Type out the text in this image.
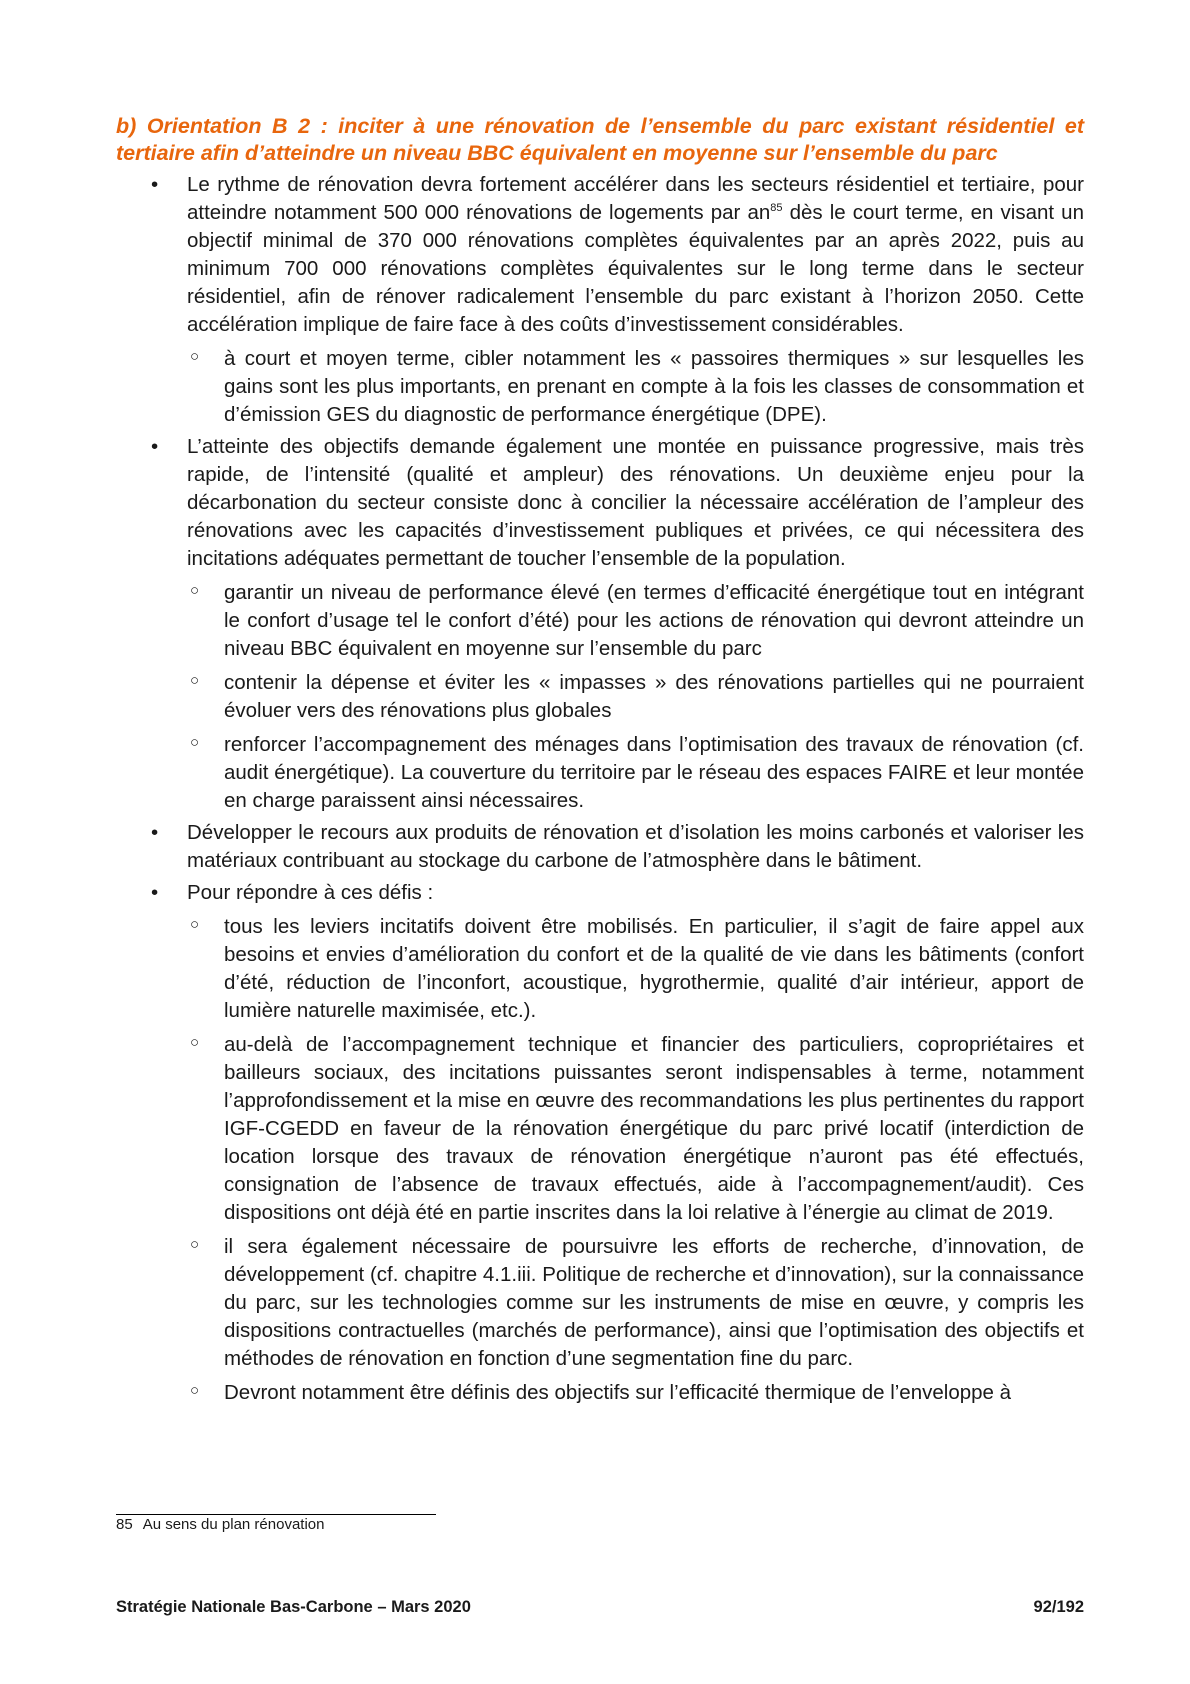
b) Orientation B 2 : inciter à une rénovation de l’ensemble du parc existant résidentiel et tertiaire afin d’atteindre un niveau BBC équivalent en moyenne sur l’ensemble du parc

• Le rythme de rénovation devra fortement accélérer dans les secteurs résidentiel et tertiaire, pour atteindre notamment 500 000 rénovations de logements par $an^{85}$ dès le court terme, en visant un objectif minimal de 370 000 rénovations complètes équivalentes par an après 2022, puis au minimum 700 000 rénovations complètes équivalentes sur le long terme dans le secteur résidentiel, afin de rénover radicalement l’ensemble du parc existant à l’horizon 2050. Cette accélération implique de faire face à des coûts d’investissement considérables.
○ à court et moyen terme, cibler notamment les « passoires thermiques » sur lesquelles les gains sont les plus importants, en prenant en compte à la fois les classes de consommation et d’émission GES du diagnostic de performance énergétique (DPE).
• L’atteinte des objectifs demande également une montée en puissance progressive, mais très rapide, de l’intensité (qualité et ampleur) des rénovations. Un deuxième enjeu pour la décarbonation du secteur consiste donc à concilier la nécessaire accélération de l’ampleur des rénovations avec les capacités d’investissement publiques et privées, ce qui nécessitera des incitations adéquates permettant de toucher l’ensemble de la population.
○ garantir un niveau de performance élevé (en termes d’efficacité énergétique tout en intégrant le confort d’usage tel le confort d’été) pour les actions de rénovation qui devront atteindre un niveau BBC équivalent en moyenne sur l’ensemble du parc
○ contenir la dépense et éviter les « impasses » des rénovations partielles qui ne pourraient évoluer vers des rénovations plus globales
○ renforcer l’accompagnement des ménages dans l’optimisation des travaux de rénovation (cf. audit énergétique). La couverture du territoire par le réseau des espaces FAIRE et leur montée en charge paraissent ainsi nécessaires.
• Développer le recours aux produits de rénovation et d’isolation les moins carbonés et valoriser les matériaux contribuant au stockage du carbone de l’atmosphère dans le bâtiment.
• Pour répondre à ces défis :
○ tous les leviers incitatifs doivent être mobilisés. En particulier, il s’agit de faire appel aux besoins et envies d’amélioration du confort et de la qualité de vie dans les bâtiments (confort d’été, réduction de l’inconfort, acoustique, hygrothermie, qualité d’air intérieur, apport de lumière naturelle maximisée, etc.).
○ au-delà de l’accompagnement technique et financier des particuliers, copropriétaires et bailleurs sociaux, des incitations puissantes seront indispensables à terme, notamment l’approfondissement et la mise en œuvre des recommandations les plus pertinentes du rapport IGF-CGEDD en faveur de la rénovation énergétique du parc privé locatif (interdiction de location lorsque des travaux de rénovation énergétique n’auront pas été effectués, consignation de l’absence de travaux effectués, aide à l’accompagnement/audit). Ces dispositions ont déjà été en partie inscrites dans la loi relative à l’énergie au climat de 2019.
○ il sera également nécessaire de poursuivre les efforts de recherche, d’innovation, de développement (cf. chapitre 4.1.iii. Politique de recherche et d’innovation), sur la connaissance du parc, sur les technologies comme sur les instruments de mise en œuvre, y compris les dispositions contractuelles (marchés de performance), ainsi que l’optimisation des objectifs et méthodes de rénovation en fonction d’une segmentation fine du parc.
○ Devront notamment être définis des objectifs sur l’efficacité thermique de l’enveloppe à
85 Au sens du plan rénovation
Stratégie Nationale Bas-Carbone – Mars 2020	92/192
